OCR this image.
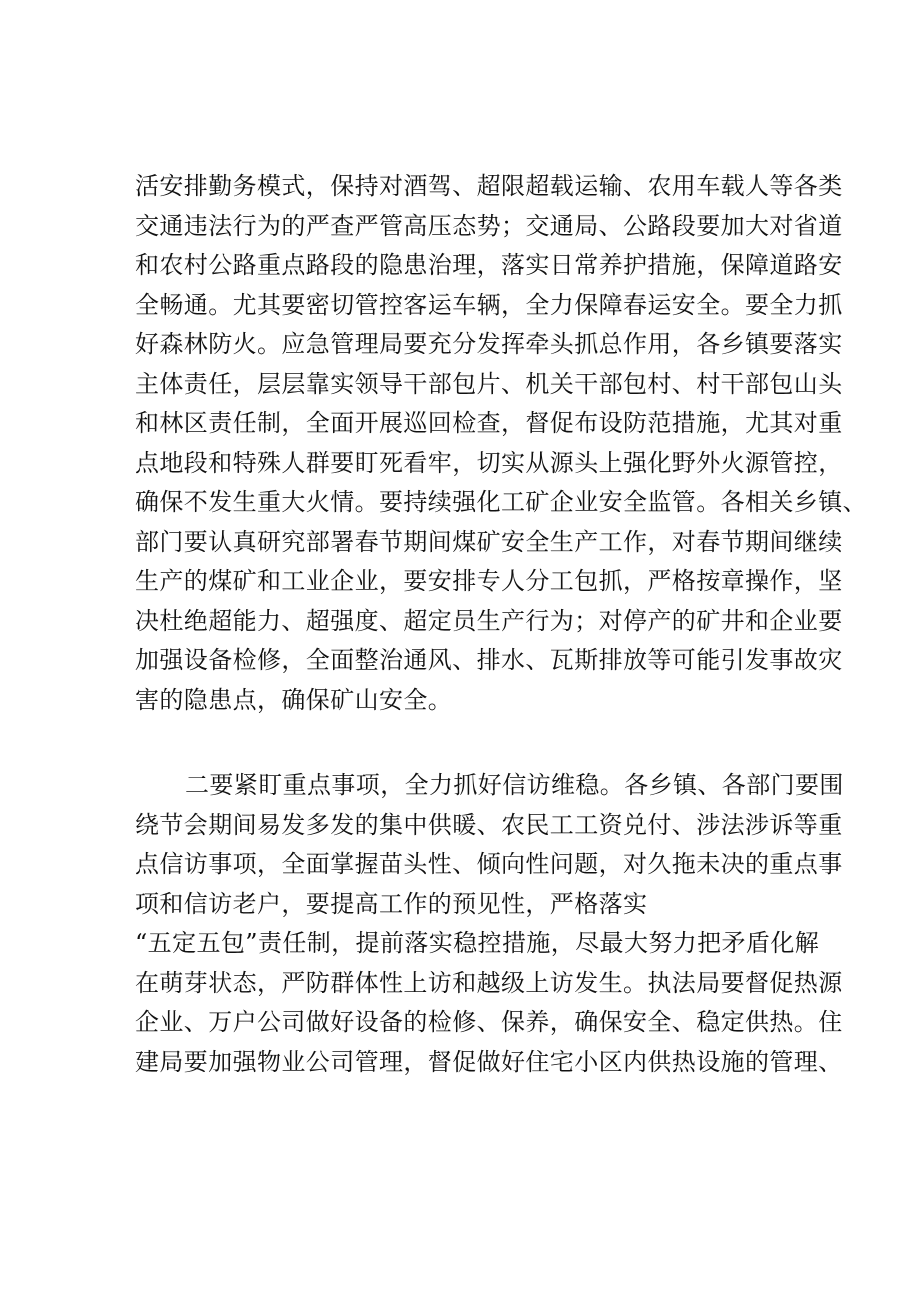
活安排勤务模式，保持对酒驾、超限超载运输、农用车载人等各类
交通违法行为的严查严管高压态势；交通局、公路段要加大对省道
和农村公路重点路段的隐患治理，落实日常养护措施，保障道路安
全畅通。尤其要密切管控客运车辆，全力保障春运安全。要全力抓
好森林防火。应急管理局要充分发挥牵头抓总作用，各乡镇要落实
主体责任，层层靠实领导干部包片、机关干部包村、村干部包山头
和林区责任制，全面开展巡回检查，督促布设防范措施，尤其对重
点地段和特殊人群要盯死看牢，切实从源头上强化野外火源管控，
确保不发生重大火情。要持续强化工矿企业安全监管。各相关乡镇、
部门要认真研究部署春节期间煤矿安全生产工作，对春节期间继续
生产的煤矿和工业企业，要安排专人分工包抓，严格按章操作，坚
决杜绝超能力、超强度、超定员生产行为；对停产的矿井和企业要
加强设备检修，全面整治通风、排水、瓦斯排放等可能引发事故灾
害的隐患点，确保矿山安全。
二要紧盯重点事项，全力抓好信访维稳。各乡镇、各部门要围
绕节会期间易发多发的集中供暖、农民工工资兑付、涉法涉诉等重
点信访事项，全面掌握苗头性、倾向性问题，对久拖未决的重点事
项和信访老户，要提高工作的预见性，严格落实
“五定五包”责任制，提前落实稳控措施，尽最大努力把矛盾化解
在萌芽状态，严防群体性上访和越级上访发生。执法局要督促热源
企业、万户公司做好设备的检修、保养，确保安全、稳定供热。住
建局要加强物业公司管理，督促做好住宅小区内供热设施的管理、
